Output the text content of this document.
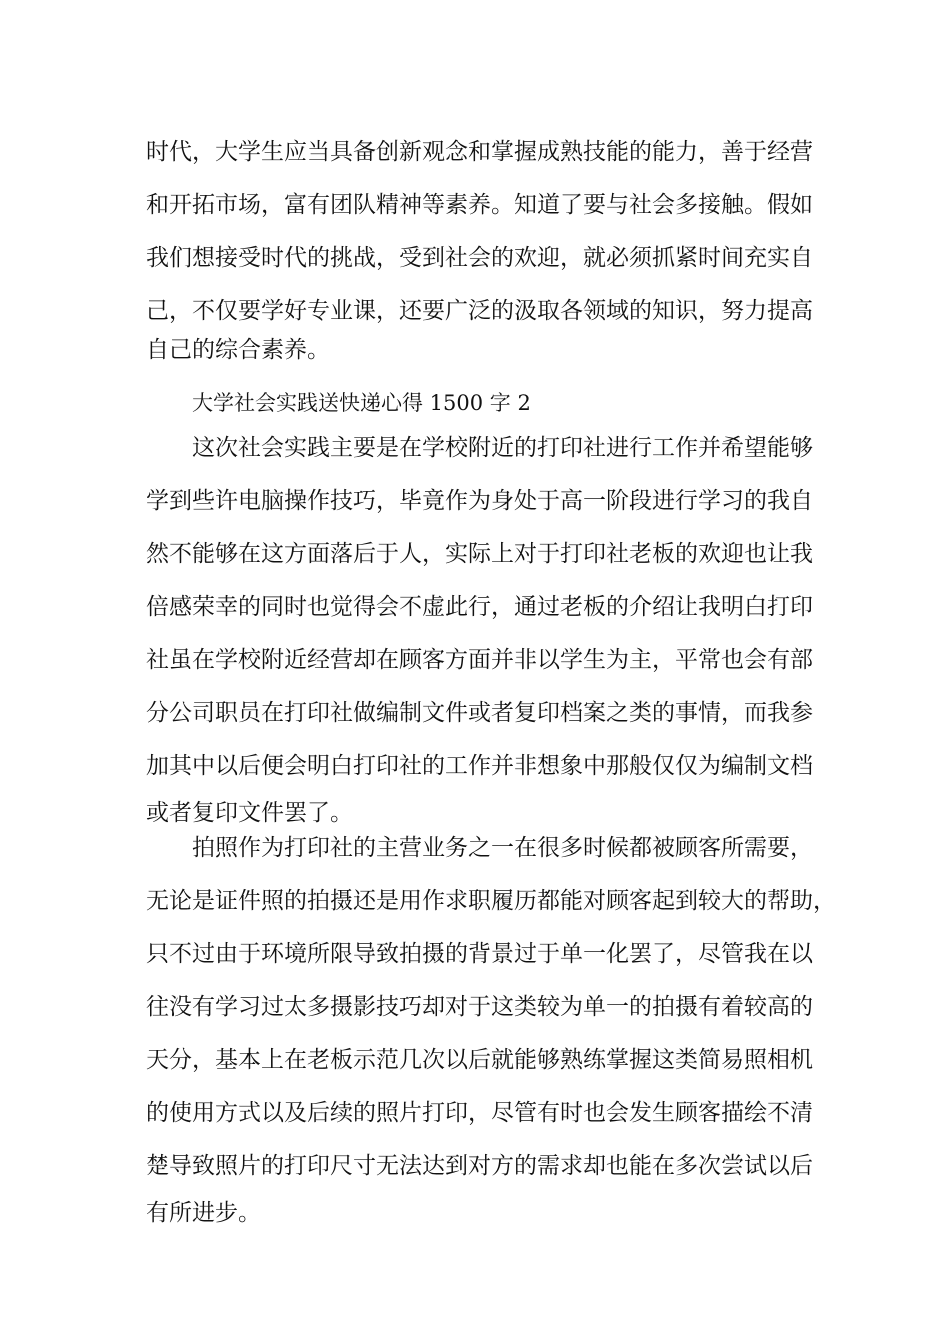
时代，大学生应当具备创新观念和掌握成熟技能的能力，善于经营
和开拓市场，富有团队精神等素养。知道了要与社会多接触。假如
我们想接受时代的挑战，受到社会的欢迎，就必须抓紧时间充实自
己，不仅要学好专业课，还要广泛的汲取各领域的知识，努力提高
自己的综合素养。
大学社会实践送快递心得 1500 字 2
这次社会实践主要是在学校附近的打印社进行工作并希望能够
学到些许电脑操作技巧，毕竟作为身处于高一阶段进行学习的我自
然不能够在这方面落后于人，实际上对于打印社老板的欢迎也让我
倍感荣幸的同时也觉得会不虚此行，通过老板的介绍让我明白打印
社虽在学校附近经营却在顾客方面并非以学生为主，平常也会有部
分公司职员在打印社做编制文件或者复印档案之类的事情，而我参
加其中以后便会明白打印社的工作并非想象中那般仅仅为编制文档
或者复印文件罢了。
拍照作为打印社的主营业务之一在很多时候都被顾客所需要，
无论是证件照的拍摄还是用作求职履历都能对顾客起到较大的帮助，
只不过由于环境所限导致拍摄的背景过于单一化罢了，尽管我在以
往没有学习过太多摄影技巧却对于这类较为单一的拍摄有着较高的
天分，基本上在老板示范几次以后就能够熟练掌握这类简易照相机
的使用方式以及后续的照片打印，尽管有时也会发生顾客描绘不清
楚导致照片的打印尺寸无法达到对方的需求却也能在多次尝试以后
有所进步。
